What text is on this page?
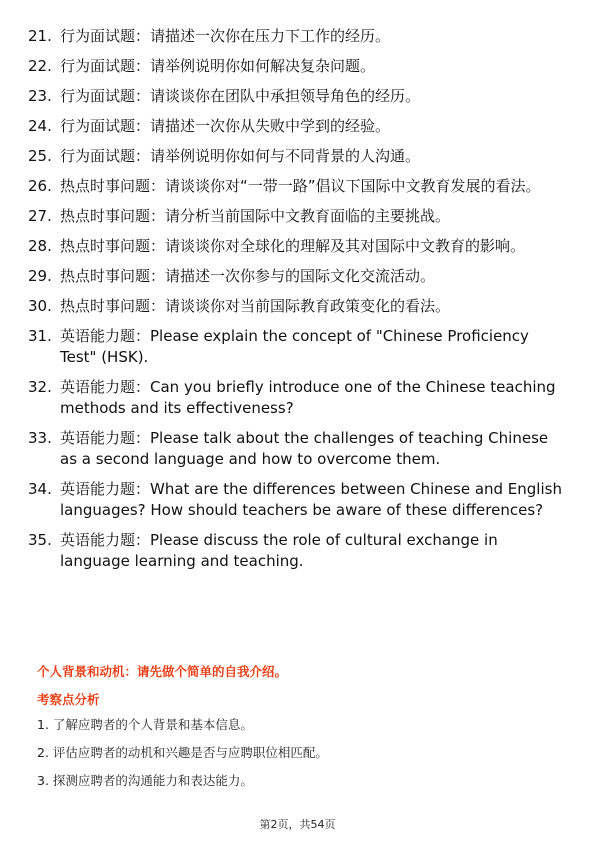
21. 行为面试题：请描述一次你在压力下工作的经历。
22. 行为面试题：请举例说明你如何解决复杂问题。
23. 行为面试题：请谈谈你在团队中承担领导角色的经历。
24. 行为面试题：请描述一次你从失败中学到的经验。
25. 行为面试题：请举例说明你如何与不同背景的人沟通。
26. 热点时事问题：请谈谈你对“一带一路”倡议下国际中文教育发展的看法。
27. 热点时事问题：请分析当前国际中文教育面临的主要挑战。
28. 热点时事问题：请谈谈你对全球化的理解及其对国际中文教育的影响。
29. 热点时事问题：请描述一次你参与的国际文化交流活动。
30. 热点时事问题：请谈谈你对当前国际教育政策变化的看法。
31. 英语能力题：Please explain the concept of "Chinese Proficiency Test" (HSK).
32. 英语能力题：Can you briefly introduce one of the Chinese teaching methods and its effectiveness?
33. 英语能力题：Please talk about the challenges of teaching Chinese as a second language and how to overcome them.
34. 英语能力题：What are the differences between Chinese and English languages? How should teachers be aware of these differences?
35. 英语能力题：Please discuss the role of cultural exchange in language learning and teaching.
个人背景和动机：请先做个简单的自我介绍。
考察点分析
1. 了解应聘者的个人背景和基本信息。
2. 评估应聘者的动机和兴趣是否与应聘职位相匹配。
3. 探测应聘者的沟通能力和表达能力。
第2页，共54页
